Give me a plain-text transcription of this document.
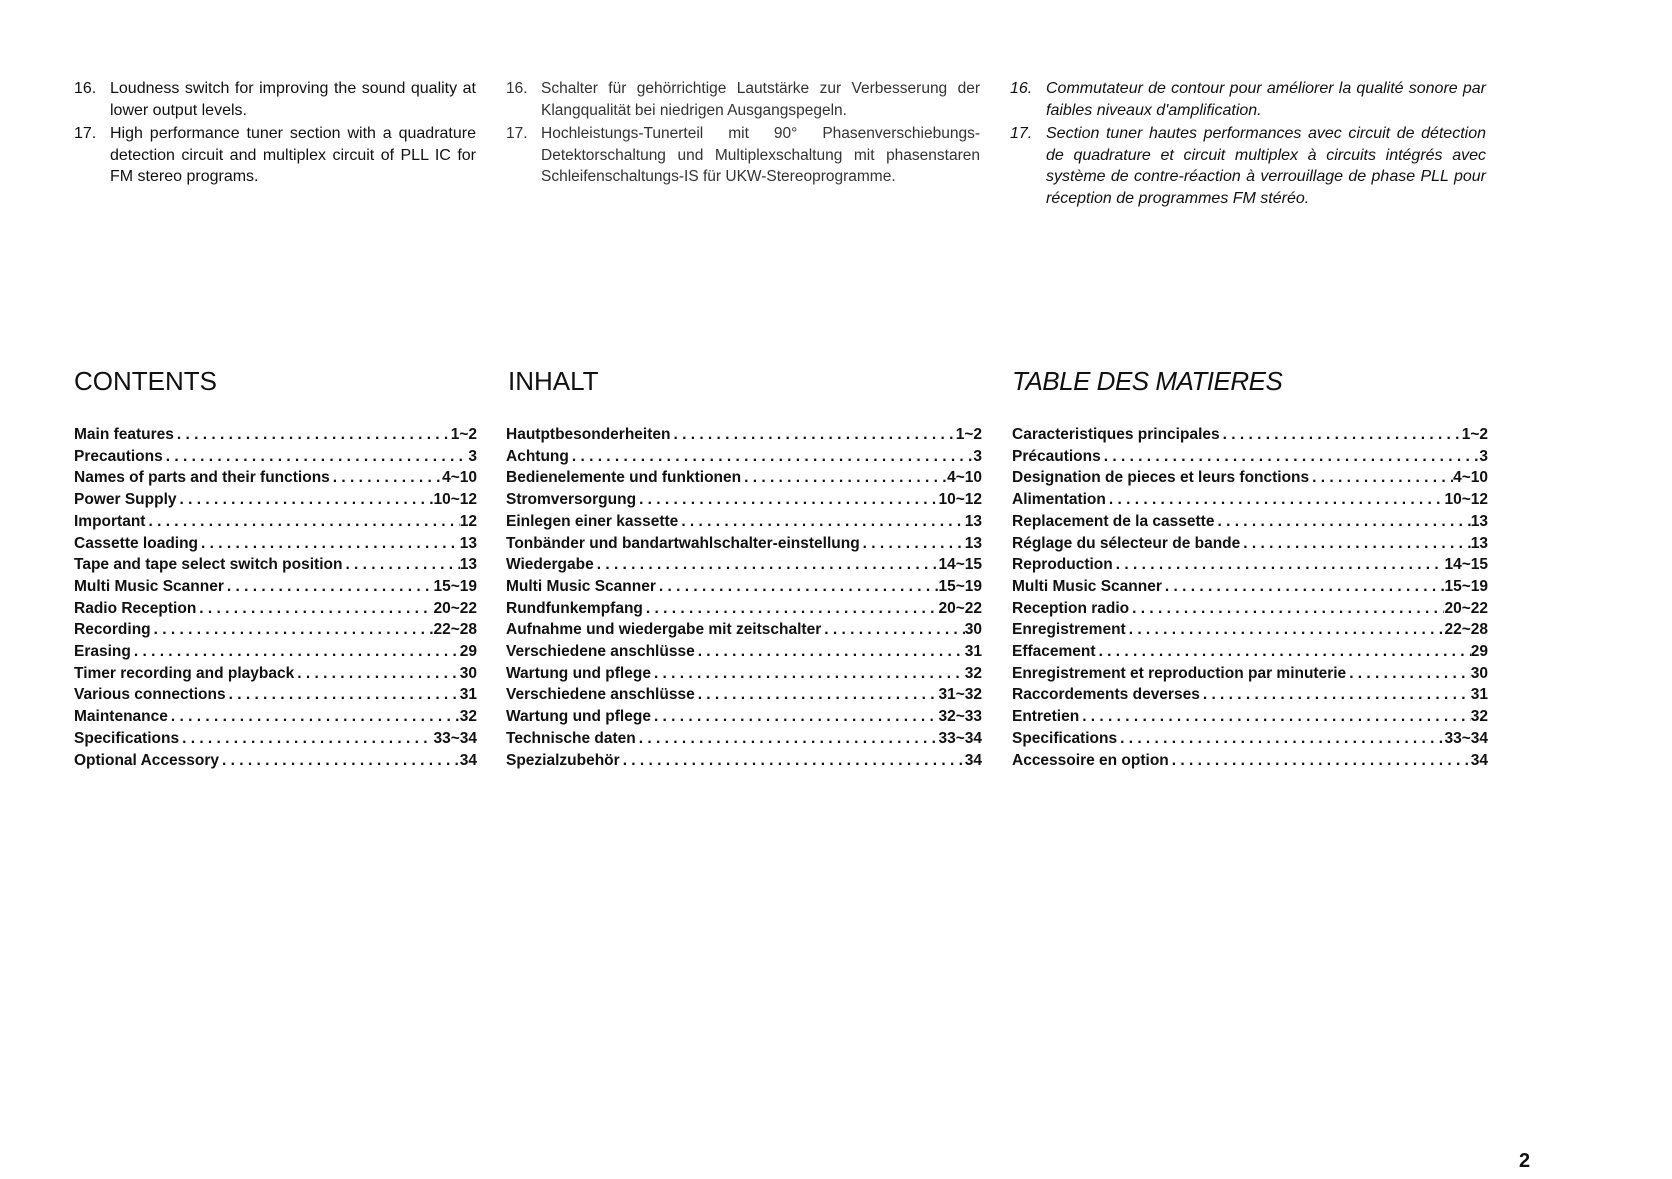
16. Loudness switch for improving the sound quality at lower output levels.
17. High performance tuner section with a quadrature detection circuit and multiplex circuit of PLL IC for FM stereo programs.
16. Schalter für gehörrichtige Lautstärke zur Verbesserung der Klangqualität bei niedrigen Ausgangspegeln.
17. Hochleistungs-Tunerteil mit 90° Phasenverschiebungs-Detektorschaltung und Multiplexschaltung mit phasenstaren Schleifenschaltungs-IS für UKW-Stereoprogramme.
16. Commutateur de contour pour améliorer la qualité sonore par faibles niveaux d'amplification.
17. Section tuner hautes performances avec circuit de détection de quadrature et circuit multiplex à circuits intégrés avec système de contre-réaction à verrouillage de phase PLL pour réception de programmes FM stéréo.
CONTENTS	INHALT	TABLE DES MATIERES
Main features . . .	1~2
Precautions . . .	3
Names of parts and their functions . . .	4~10
Power Supply . . .	10~12
Important . . .	12
Cassette loading . . .	13
Tape and tape select switch position . . .	13
Multi Music Scanner . . .	15~19
Radio Reception . . .	20~22
Recording . . .	22~28
Erasing . . .	29
Timer recording and playback . . .	30
Various connections . . .	31
Maintenance . . .	32
Specifications . . .	33~34
Optional Accessory . . .	34
Hautptbesonderheiten . . .	1~2
Achtung . . .	3
Bedienelemente und funktionen . . .	4~10
Stromversorgung . . .	10~12
Einlegen einer kassette . . .	13
Tonbänder und bandartwahlschalter-einstellung . . .	13
Wiedergabe . . .	14~15
Multi Music Scanner . . .	15~19
Rundfunkempfang . . .	20~22
Aufnahme und wiedergabe mit zeitschalter . . .	30
Verschiedene anschlüsse . . .	31
Wartung und pflege . . .	32
Verschiedene anschlüsse . . .	31~32
Wartung und pflege . . .	32~33
Technische daten . . .	33~34
Spezialzubehör . . .	34
Caracteristiques principales . . .	1~2
Précautions . . .	3
Designation de pieces et leurs fonctions . . .	4~10
Alimentation . . .	10~12
Replacement de la cassette . . .	13
Réglage du sélecteur de bande . . .	13
Reproduction . . .	14~15
Multi Music Scanner . . .	15~19
Reception radio . . .	20~22
Enregistrement . . .	22~28
Effacement . . .	29
Enregistrement et reproduction par minuterie . . .	30
Raccordements deverses . . .	31
Entretien . . .	32
Specifications . . .	33~34
Accessoire en option . . .	34
2
